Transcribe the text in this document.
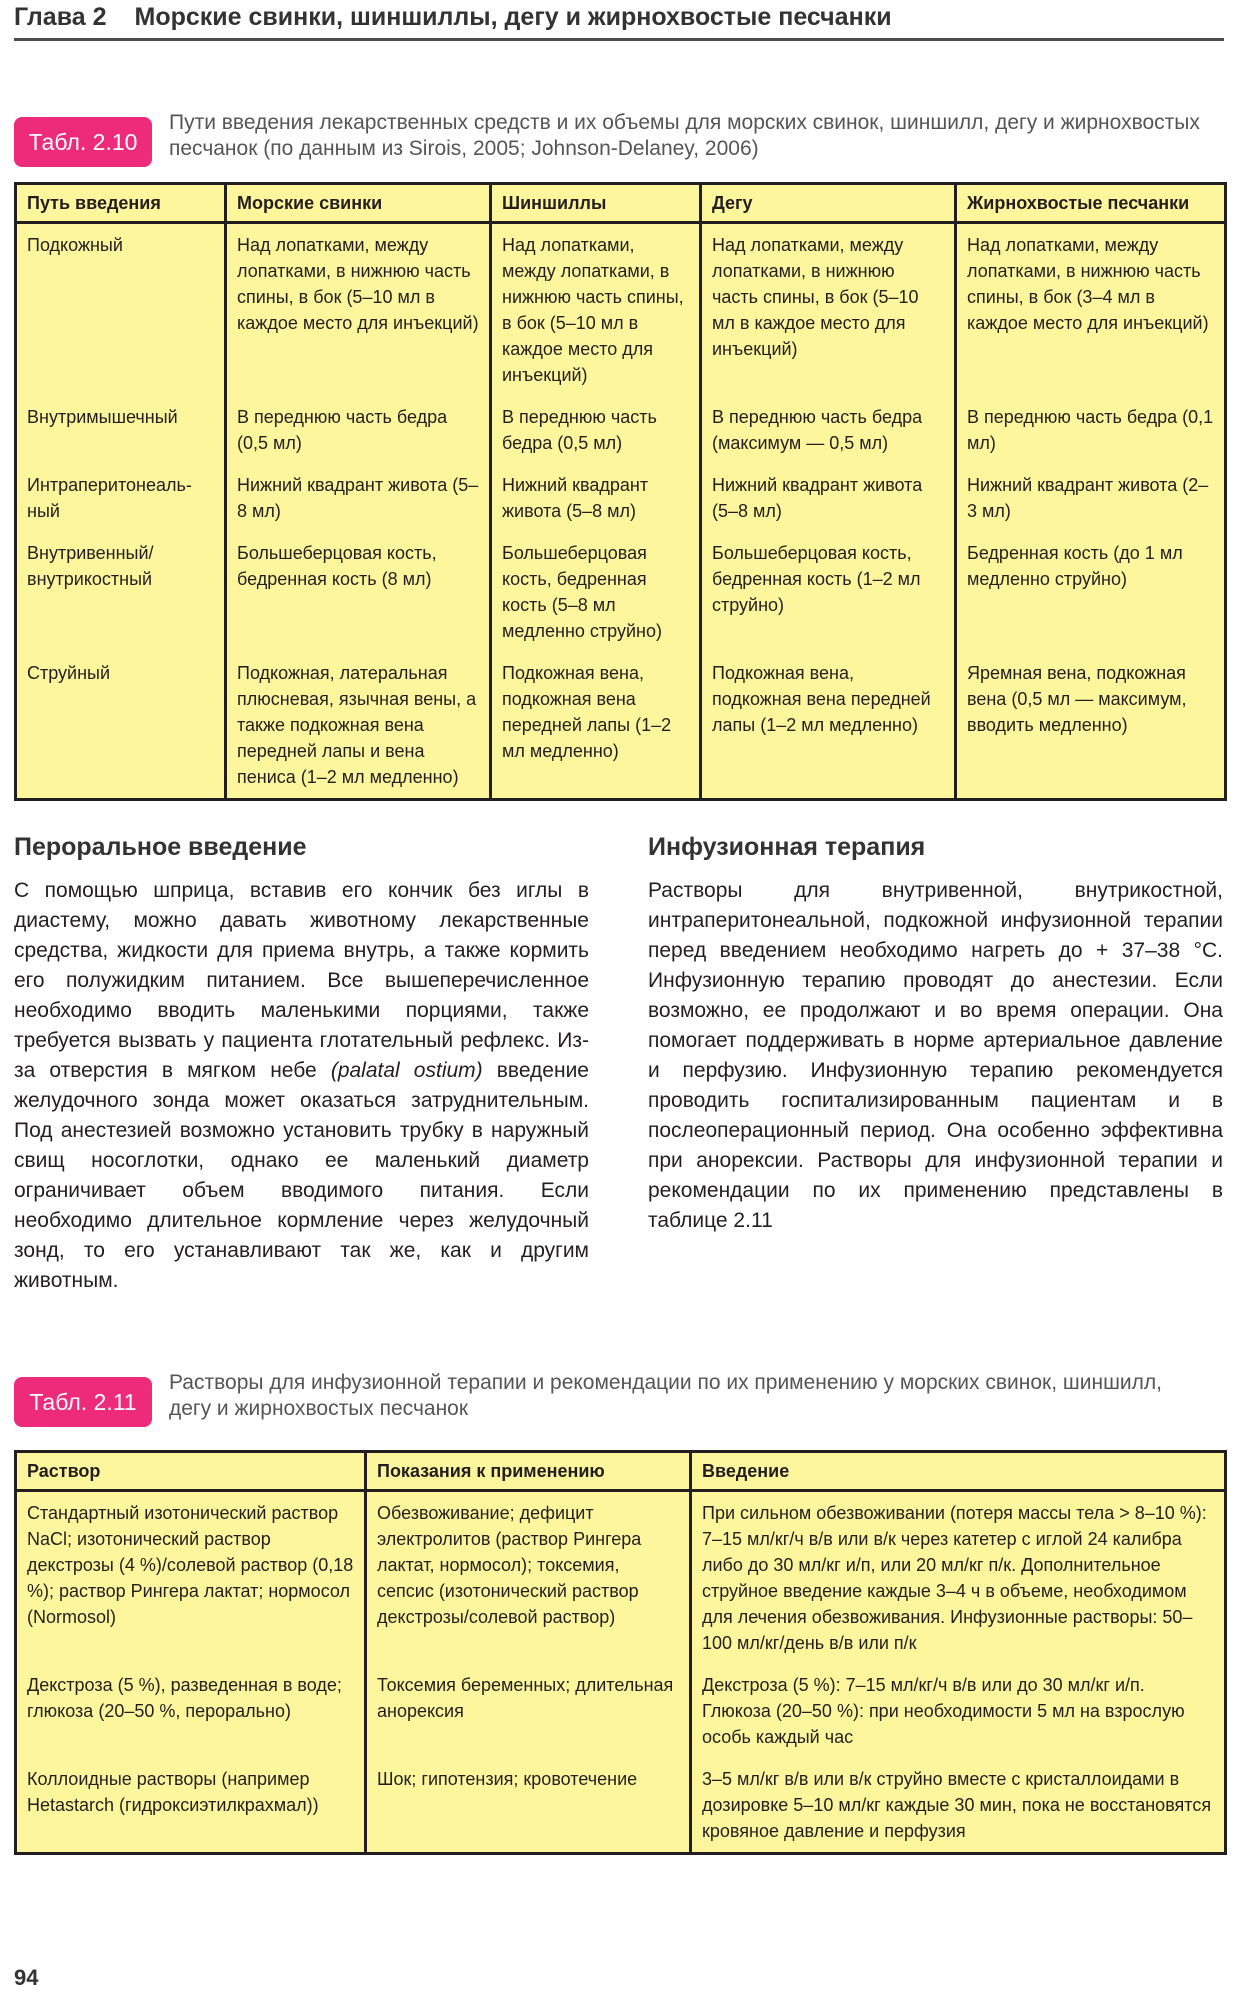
Глава 2 Морские свинки, шиншиллы, дегу и жирнохвостые песчанки
Табл. 2.10
Пути введения лекарственных средств и их объемы для морских свинок, шиншилл, дегу и жирнохвостых песчанок (по данным из Sirois, 2005; Johnson-Delaney, 2006)
Путь введения	Морские свинки	Шиншиллы	Дегу	Жирнохвостые песчанки
Подкожный	Над лопатками, между лопатками, в нижнюю часть спины, в бок (5–10 мл в каждое место для инъекций)	Над лопатками, между лопатками, в нижнюю часть спины, в бок (5–10 мл в каждое место для инъекций)	Над лопатками, между лопатками, в нижнюю часть спины, в бок (5–10 мл в каждое место для инъекций)	Над лопатками, между лопатками, в нижнюю часть спины, в бок (3–4 мл в каждое место для инъекций)
Внутримышечный	В переднюю часть бедра (0,5 мл)	В переднюю часть бедра (0,5 мл)	В переднюю часть бедра (максимум — 0,5 мл)	В переднюю часть бедра (0,1 мл)
Интраперитонеаль-ный	Нижний квадрант живота (5–8 мл)	Нижний квадрант живота (5–8 мл)	Нижний квадрант живота (5–8 мл)	Нижний квадрант живота (2–3 мл)
Внутривенный/ внутрикостный	Большеберцовая кость, бедренная кость (8 мл)	Большеберцовая кость, бедренная кость (5–8 мл медленно струйно)	Большеберцовая кость, бедренная кость (1–2 мл струйно)	Бедренная кость (до 1 мл медленно струйно)
Струйный	Подкожная, латеральная плюсневая, язычная вены, а также подкожная вена передней лапы и вена пениса (1–2 мл медленно)	Подкожная вена, подкожная вена передней лапы (1–2 мл медленно)	Подкожная вена, подкожная вена передней лапы (1–2 мл медленно)	Яремная вена, подкожная вена (0,5 мл — максимум, вводить медленно)
Пероральное введение

С помощью шприца, вставив его кончик без иглы в диастему, можно давать животному лекарственные средства, жидкости для приема внутрь, а также кормить его полужидким питанием. Все вышеперечисленное необходимо вводить маленькими порциями, также требуется вызвать у пациента глотательный рефлекс. Из-за отверстия в мягком небе (palatal ostium) введение желудочного зонда может оказаться затруднительным. Под анестезией возможно установить трубку в наружный свищ носоглотки, однако ее маленький диаметр ограничивает объем вводимого питания. Если необходимо длительное кормление через желудочный зонд, то его устанавливают так же, как и другим животным.

Инфузионная терапия

Растворы для внутривенной, внутрикостной, интраперитонеальной, подкожной инфузионной терапии перед введением необходимо нагреть до + 37–38 °C. Инфузионную терапию проводят до анестезии. Если возможно, ее продолжают и во время операции. Она помогает поддерживать в норме артериальное давление и перфузию. Инфузионную терапию рекомендуется проводить госпитализированным пациентам и в послеоперационный период. Она особенно эффективна при анорексии. Растворы для инфузионной терапии и рекомендации по их применению представлены в таблице 2.11

Табл. 2.11
Растворы для инфузионной терапии и рекомендации по их применению у морских свинок, шиншилл, дегу и жирнохвостых песчанок
Раствор	Показания к применению	Введение
Стандартный изотонический раствор NaCl; изотонический раствор декстрозы (4 %)/солевой раствор (0,18 %); раствор Рингера лактат; нормосол (Normosol)	Обезвоживание; дефицит электролитов (раствор Рингера лактат, нормосол); токсемия, сепсис (изотонический раствор декстрозы/солевой раствор)	При сильном обезвоживании (потеря массы тела > 8–10 %): 7–15 мл/кг/ч в/в или в/к через катетер с иглой 24 калибра либо до 30 мл/кг и/п, или 20 мл/кг п/к. Дополнительное струйное введение каждые 3–4 ч в объеме, необходимом для лечения обезвоживания. Инфузионные растворы: 50–100 мл/кг/день в/в или п/к
Декстроза (5 %), разведенная в воде; глюкоза (20–50 %, перорально)	Токсемия беременных; длительная анорексия	Декстроза (5 %): 7–15 мл/кг/ч в/в или до 30 мл/кг и/п. Глюкоза (20–50 %): при необходимости 5 мл на взрослую особь каждый час
Коллоидные растворы (например Hetastarch (гидроксиэтилкрахмал))	Шок; гипотензия; кровотечение	3–5 мл/кг в/в или в/к струйно вместе с кристаллоидами в дозировке 5–10 мл/кг каждые 30 мин, пока не восстановятся кровяное давление и перфузия
94
